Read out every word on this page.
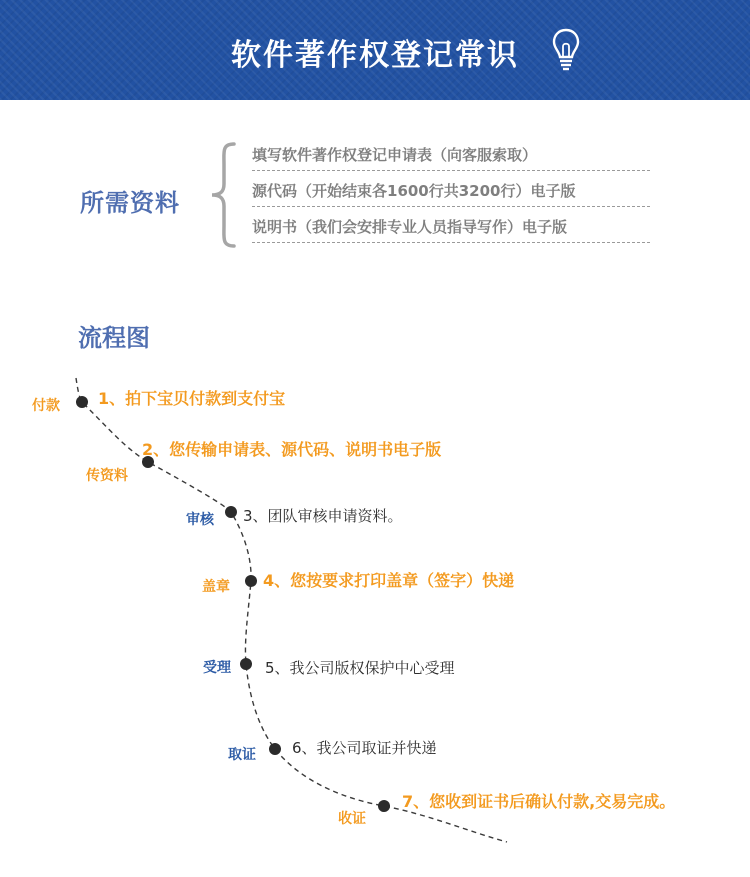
软件著作权登记常识
所需资料
填写软件著作权登记申请表（向客服索取）
源代码（开始结束各1600行共3200行）电子版
说明书（我们会安排专业人员指导写作）电子版
流程图
付款 1、拍下宝贝付款到支付宝
传资料
2、您传输申请表、源代码、说明书电子版
审核 3、团队审核申请资料。
盖章 4、您按要求打印盖章（签字）快递
受理 5、我公司版权保护中心受理
取证 6、我公司取证并快递
收证
7、您收到证书后确认付款,交易完成。
